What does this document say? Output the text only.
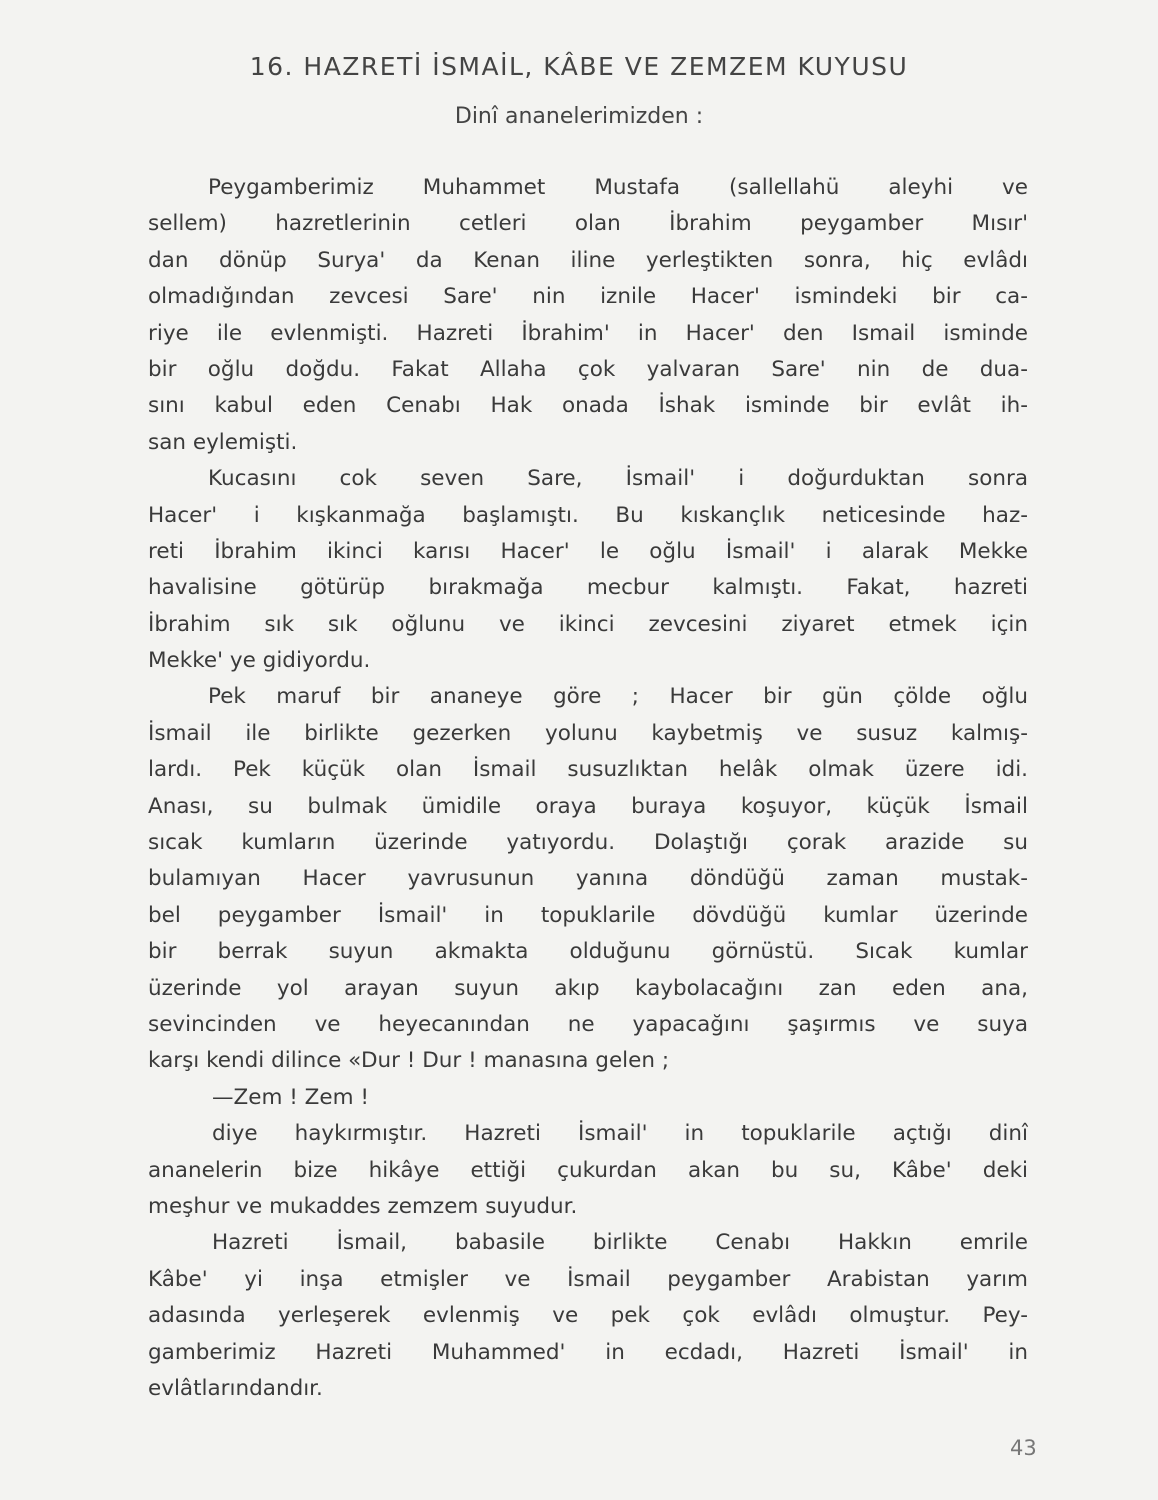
16. HAZRETİ İSMAİL, KÂBE VE ZEMZEM KUYUSU
Dinî ananelerimizden :
Peygamberimiz Muhammet Mustafa (sallellahü aleyhi ve
sellem) hazretlerinin cetleri olan İbrahim peygamber Mısır'
dan dönüp Surya' da Kenan iline yerleştikten sonra, hiç evlâdı
olmadığından zevcesi Sare' nin iznile Hacer' ismindeki bir ca-
riye ile evlenmişti. Hazreti İbrahim' in Hacer' den Ismail isminde
bir oğlu doğdu. Fakat Allaha çok yalvaran Sare' nin de dua-
sını kabul eden Cenabı Hak onada İshak isminde bir evlât ih-
san eylemişti.
Kucasını cok seven Sare, İsmail' i doğurduktan sonra
Hacer' i kışkanmağa başlamıştı. Bu kıskançlık neticesinde haz-
reti İbrahim ikinci karısı Hacer' le oğlu İsmail' i alarak Mekke
havalisine götürüp bırakmağa mecbur kalmıştı. Fakat, hazreti
İbrahim sık sık oğlunu ve ikinci zevcesini ziyaret etmek için
Mekke' ye gidiyordu.
Pek maruf bir ananeye göre ; Hacer bir gün çölde oğlu
İsmail ile birlikte gezerken yolunu kaybetmiş ve susuz kalmış-
lardı. Pek küçük olan İsmail susuzlıktan helâk olmak üzere idi.
Anası, su bulmak ümidile oraya buraya koşuyor, küçük İsmail
sıcak kumların üzerinde yatıyordu. Dolaştığı çorak arazide su
bulamıyan Hacer yavrusunun yanına döndüğü zaman mustak-
bel peygamber İsmail' in topuklarile dövdüğü kumlar üzerinde
bir berrak suyun akmakta olduğunu görnüstü. Sıcak kumlar
üzerinde yol arayan suyun akıp kaybolacağını zan eden ana,
sevincinden ve heyecanından ne yapacağını şaşırmıs ve suya
karşı kendi dilince «Dur ! Dur ! manasına gelen ;
—Zem ! Zem !
diye haykırmıştır. Hazreti İsmail' in topuklarile açtığı dinî
ananelerin bize hikâye ettiği çukurdan akan bu su, Kâbe' deki
meşhur ve mukaddes zemzem suyudur.
Hazreti İsmail, babasile birlikte Cenabı Hakkın emrile
Kâbe' yi inşa etmişler ve İsmail peygamber Arabistan yarım
adasında yerleşerek evlenmiş ve pek çok evlâdı olmuştur. Pey-
gamberimiz Hazreti Muhammed' in ecdadı, Hazreti İsmail' in
evlâtlarındandır.
43
